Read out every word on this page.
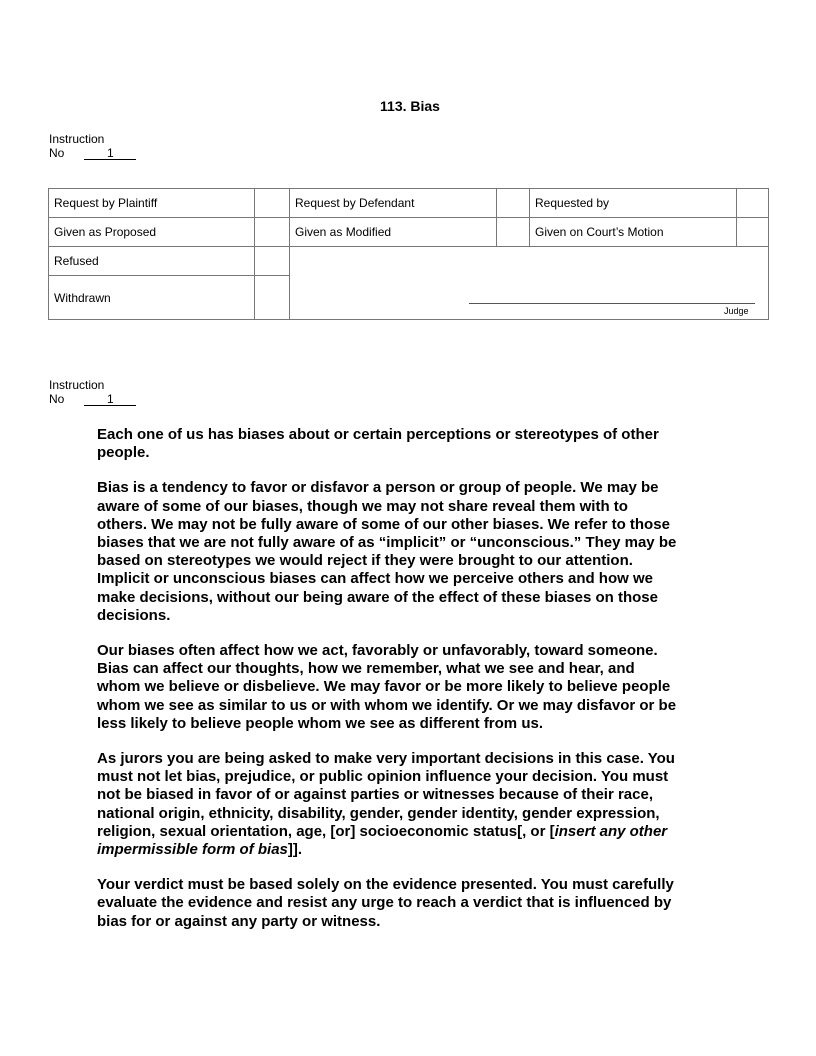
113. Bias
Instruction
No	1
Request by Plaintiff		Request by Defendant		Requested by	
Given as Proposed		Given as Modified		Given on Court’s Motion	
Refused					
Withdrawn					
Judge
Instruction
No	1

Each one of us has biases about or certain perceptions or stereotypes of other
people.

Bias is a tendency to favor or disfavor a person or group of people. We may be
aware of some of our biases, though we may not share reveal them with to
others. We may not be fully aware of some of our other biases. We refer to those
biases that we are not fully aware of as “implicit” or “unconscious.” They may be
based on stereotypes we would reject if they were brought to our attention.
Implicit or unconscious biases can affect how we perceive others and how we
make decisions, without our being aware of the effect of these biases on those
decisions.

Our biases often affect how we act, favorably or unfavorably, toward someone.
Bias can affect our thoughts, how we remember, what we see and hear, and
whom we believe or disbelieve. We may favor or be more likely to believe people
whom we see as similar to us or with whom we identify. Or we may disfavor or be
less likely to believe people whom we see as different from us.

As jurors you are being asked to make very important decisions in this case. You
must not let bias, prejudice, or public opinion influence your decision. You must
not be biased in favor of or against parties or witnesses because of their race,
national origin, ethnicity, disability, gender, gender identity, gender expression,
religion, sexual orientation, age, [or] socioeconomic status[, or [insert any other
impermissible form of bias]].

Your verdict must be based solely on the evidence presented. You must carefully
evaluate the evidence and resist any urge to reach a verdict that is influenced by
bias for or against any party or witness.
